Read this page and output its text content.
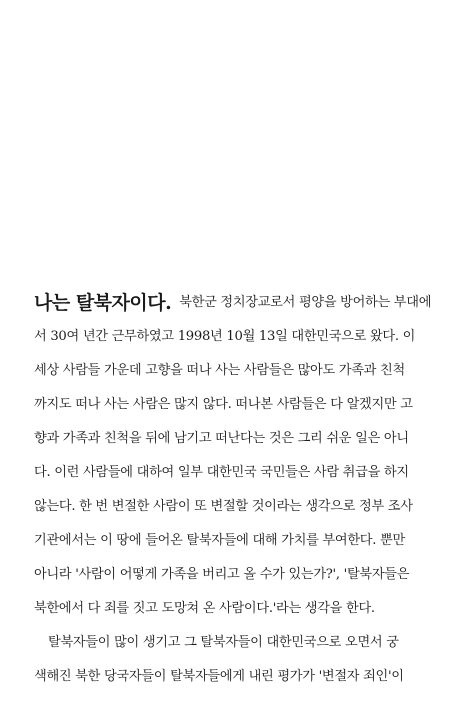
나는 탈북자이다. 북한군 정치장교로서 평양을 방어하는 부대에
서 30여 년간 근무하였고 1998년 10월 13일 대한민국으로 왔다. 이
세상 사람들 가운데 고향을 떠나 사는 사람들은 많아도 가족과 친척
까지도 떠나 사는 사람은 많지 않다. 떠나본 사람들은 다 알겠지만 고
향과 가족과 친척을 뒤에 남기고 떠난다는 것은 그리 쉬운 일은 아니
다. 이런 사람들에 대하여 일부 대한민국 국민들은 사람 취급을 하지
않는다. 한 번 변절한 사람이 또 변절할 것이라는 생각으로 정부 조사
기관에서는 이 땅에 들어온 탈북자들에 대해 가치를 부여한다. 뿐만
아니라 '사람이 어떻게 가족을 버리고 올 수가 있는가?', '탈북자들은
북한에서 다 죄를 짓고 도망쳐 온 사람이다.'라는 생각을 한다.
탈북자들이 많이 생기고 그 탈북자들이 대한민국으로 오면서 궁
색해진 북한 당국자들이 탈북자들에게 내린 평가가 '변절자 죄인'이
